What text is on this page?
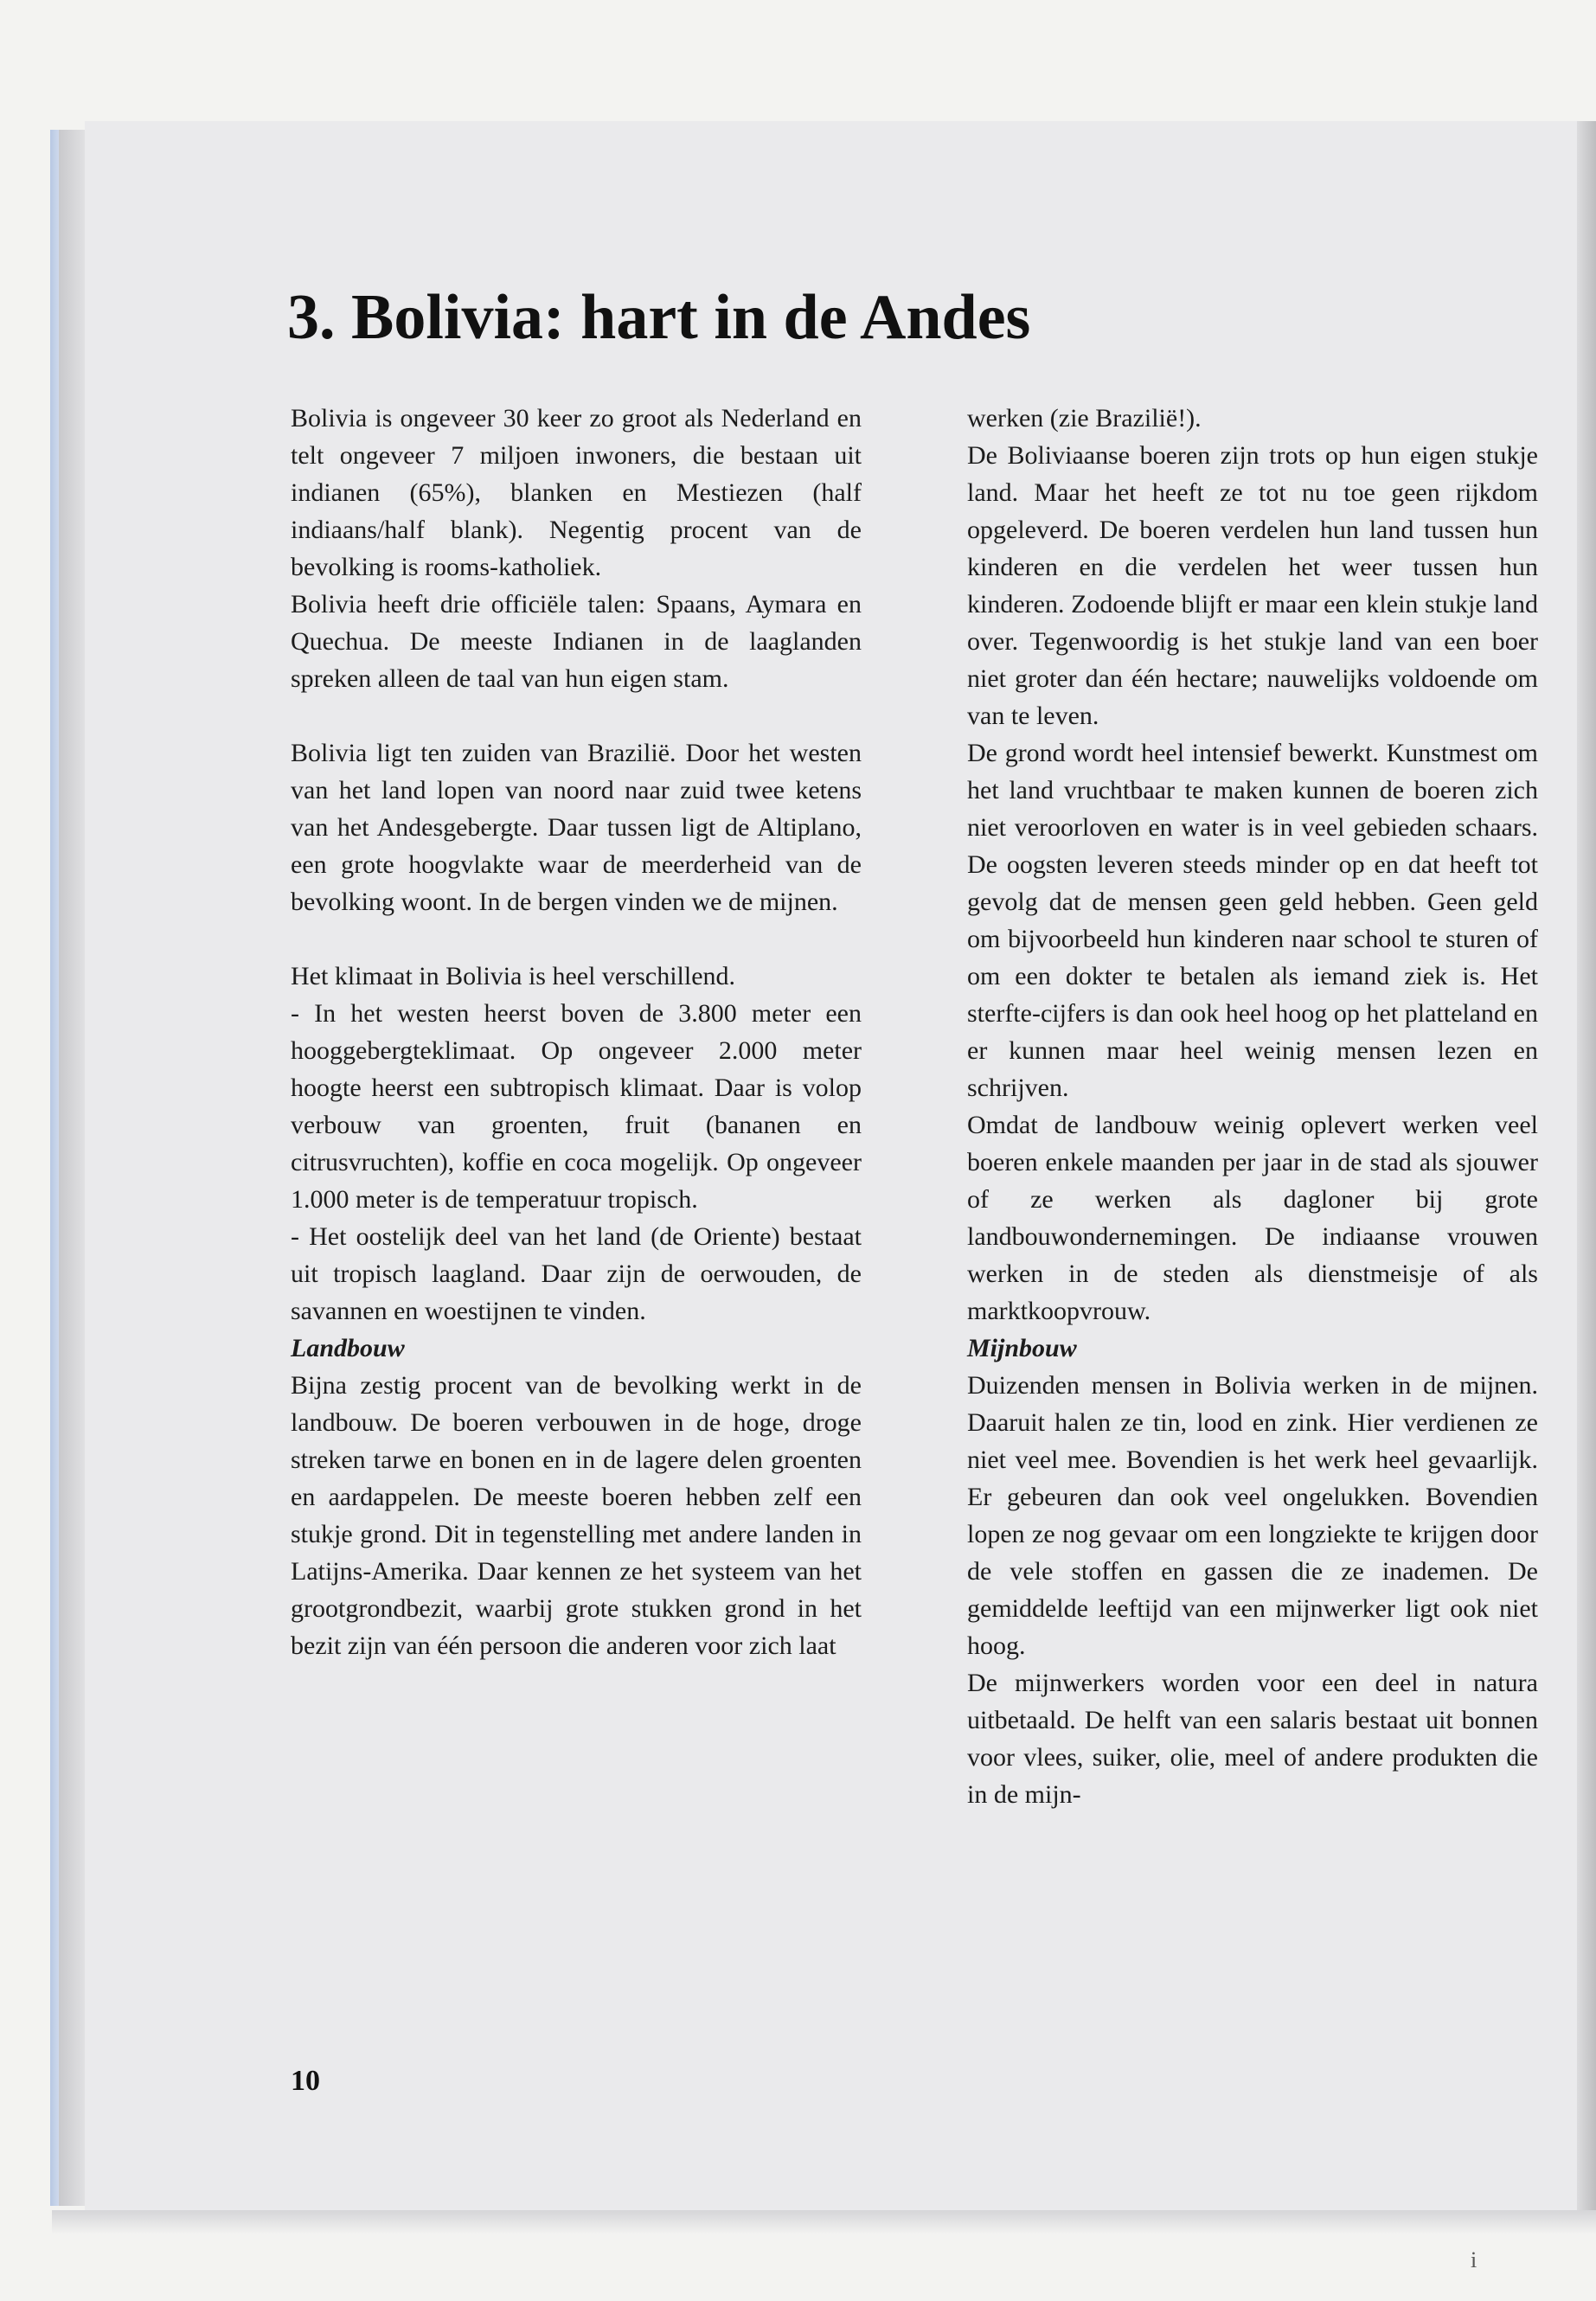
3. Bolivia: hart in de Andes

Bolivia is ongeveer 30 keer zo groot als Nederland en telt ongeveer 7 miljoen inwoners, die bestaan uit indianen (65%), blanken en Mestiezen (half indiaans/half blank). Negentig procent van de bevolking is rooms-katholiek.

Bolivia heeft drie officiële talen: Spaans, Aymara en Quechua. De meeste Indianen in de laaglanden spreken alleen de taal van hun eigen stam.

Bolivia ligt ten zuiden van Brazilië. Door het westen van het land lopen van noord naar zuid twee ketens van het Andesgebergte. Daar tussen ligt de Altiplano, een grote hoogvlakte waar de meerderheid van de bevolking woont. In de bergen vinden we de mijnen.

Het klimaat in Bolivia is heel verschillend.

- In het westen heerst boven de 3.800 meter een hooggebergteklimaat. Op ongeveer 2.000 meter hoogte heerst een subtropisch klimaat. Daar is volop verbouw van groenten, fruit (bananen en citrusvruchten), koffie en coca mogelijk. Op ongeveer 1.000 meter is de temperatuur tropisch.

- Het oostelijk deel van het land (de Oriente) bestaat uit tropisch laagland. Daar zijn de oerwouden, de savannen en woestijnen te vinden.

Landbouw

Bijna zestig procent van de bevolking werkt in de landbouw. De boeren verbouwen in de hoge, droge streken tarwe en bonen en in de lagere delen groenten en aardappelen. De meeste boeren hebben zelf een stukje grond. Dit in tegenstelling met andere landen in Latijns-Amerika. Daar kennen ze het systeem van het grootgrondbezit, waarbij grote stukken grond in het bezit zijn van één persoon die anderen voor zich laat

werken (zie Brazilië!).

De Boliviaanse boeren zijn trots op hun eigen stukje land. Maar het heeft ze tot nu toe geen rijkdom opgeleverd. De boeren verdelen hun land tussen hun kinderen en die verdelen het weer tussen hun kinderen. Zodoende blijft er maar een klein stukje land over. Tegenwoordig is het stukje land van een boer niet groter dan één hectare; nauwelijks voldoende om van te leven.

De grond wordt heel intensief bewerkt. Kunstmest om het land vruchtbaar te maken kunnen de boeren zich niet veroorloven en water is in veel gebieden schaars. De oogsten leveren steeds minder op en dat heeft tot gevolg dat de mensen geen geld hebben. Geen geld om bijvoorbeeld hun kinderen naar school te sturen of om een dokter te betalen als iemand ziek is. Het sterfte-cijfers is dan ook heel hoog op het platteland en er kunnen maar heel weinig mensen lezen en schrijven.

Omdat de landbouw weinig oplevert werken veel boeren enkele maanden per jaar in de stad als sjouwer of ze werken als dagloner bij grote landbouwondernemingen. De indiaanse vrouwen werken in de steden als dienstmeisje of als marktkoopvrouw.

Mijnbouw

Duizenden mensen in Bolivia werken in de mijnen. Daaruit halen ze tin, lood en zink. Hier verdienen ze niet veel mee. Bovendien is het werk heel gevaarlijk. Er gebeuren dan ook veel ongelukken. Bovendien lopen ze nog gevaar om een longziekte te krijgen door de vele stoffen en gassen die ze inademen. De gemiddelde leeftijd van een mijnwerker ligt ook niet hoog.

De mijnwerkers worden voor een deel in natura uitbetaald. De helft van een salaris bestaat uit bonnen voor vlees, suiker, olie, meel of andere produkten die in de mijn-

10

i
